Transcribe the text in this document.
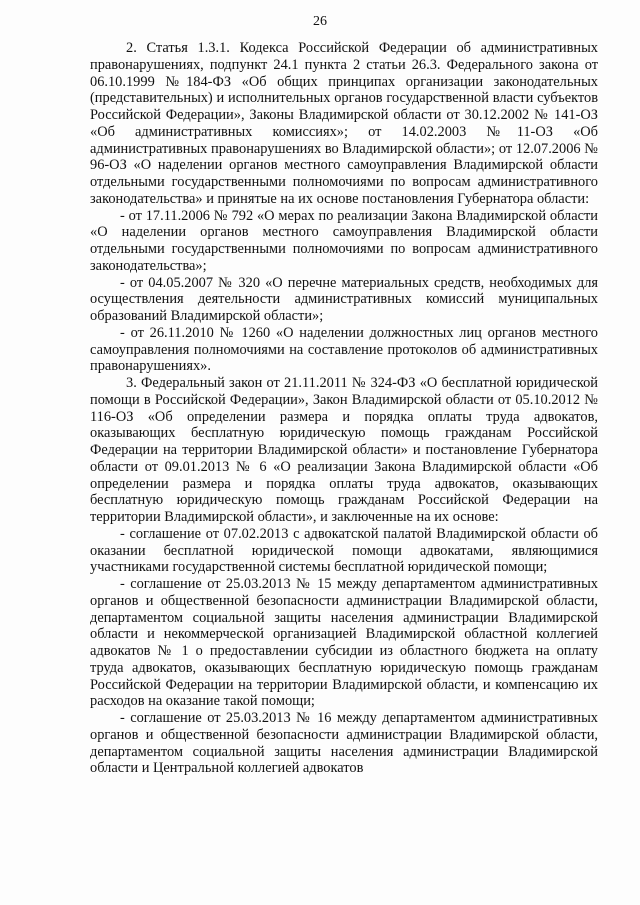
26

2. Статья 1.3.1. Кодекса Российской Федерации об административных правонарушениях, подпункт 24.1 пункта 2 статьи 26.3. Федерального закона от 06.10.1999 №184-ФЗ «Об общих принципах организации законодательных (представительных) и исполнительных органов государственной власти субъектов Российской Федерации», Законы Владимирской области от 30.12.2002 № 141-ОЗ «Об административных комиссиях»; от 14.02.2003 №11-ОЗ «Об административных правонарушениях во Владимирской области»; от 12.07.2006 № 96-ОЗ «О наделении органов местного самоуправления Владимирской области отдельными государственными полномочиями по вопросам административного законодательства» и принятые на их основе постановления Губернатора области:

- от 17.11.2006 № 792 «О мерах по реализации Закона Владимирской области «О наделении органов местного самоуправления Владимирской области отдельными государственными полномочиями по вопросам административного законодательства»;

- от 04.05.2007 № 320 «О перечне материальных средств, необходимых для осуществления деятельности административных комиссий муниципальных образований Владимирской области»;

- от 26.11.2010 № 1260 «О наделении должностных лиц органов местного самоуправления полномочиями на составление протоколов об административных правонарушениях».

3. Федеральный закон от 21.11.2011 № 324-ФЗ «О бесплатной юридической помощи в Российской Федерации», Закон Владимирской области от 05.10.2012 № 116-ОЗ «Об определении размера и порядка оплаты труда адвокатов, оказывающих бесплатную юридическую помощь гражданам Российской Федерации на территории Владимирской области» и постановление Губернатора области от 09.01.2013 № 6 «О реализации Закона Владимирской области «Об определении размера и порядка оплаты труда адвокатов, оказывающих бесплатную юридическую помощь гражданам Российской Федерации на территории Владимирской области», и заключенные на их основе:

- соглашение от 07.02.2013 с адвокатской палатой Владимирской области об оказании бесплатной юридической помощи адвокатами, являющимися участниками государственной системы бесплатной юридической помощи;

- соглашение от 25.03.2013 № 15 между департаментом административных органов и общественной безопасности администрации Владимирской области, департаментом социальной защиты населения администрации Владимирской области и некоммерческой организацией Владимирской областной коллегией адвокатов № 1 о предоставлении субсидии из областного бюджета на оплату труда адвокатов, оказывающих бесплатную юридическую помощь гражданам Российской Федерации на территории Владимирской области, и компенсацию их расходов на оказание такой помощи;

- соглашение от 25.03.2013 № 16 между департаментом административных органов и общественной безопасности администрации Владимирской области, департаментом социальной защиты населения администрации Владимирской области и Центральной коллегией адвокатов
